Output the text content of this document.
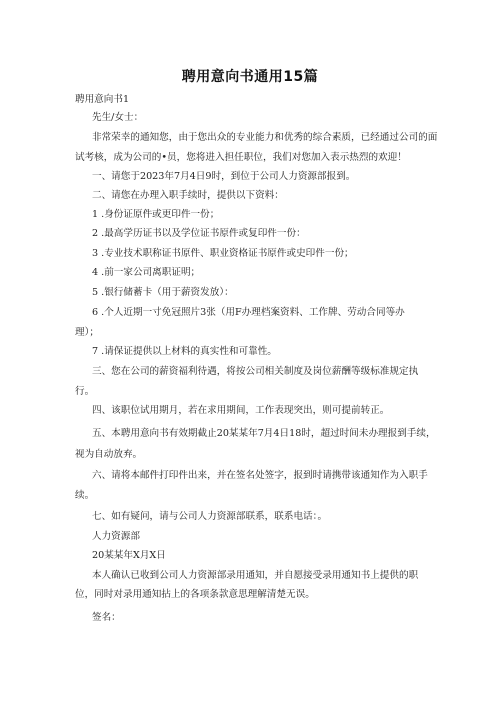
聘用意向书通用15篇
聘用意向书1
先生/女士：
非常荣幸的通知您，由于您出众的专业能力和优秀的综合素质，已经通过公司的面
试考核，成为公司的•员，您将进入担任职位，我们对您加入表示热烈的欢迎！
一、请您于2023年7月4日9时，到位于公司人力资源部报到。
二、请您在办理入职手续时，提供以下资料：
1 .身份证原件或更印件一份；
2 .最高学历证书以及学位证书原件或复印件一份：
3 .专业技术职称证书原件、职业资格证书原件或史印件一份；
4 .前一家公司离职证明；
5 .银行储蓄卡（用于薪资发放）：
6 .个人近期一寸免冠照片3张（用F办理档案资料、工作牌、劳动合同等办
理）；
7 .请保证提供以上材料的真实性和可靠性。
三、您在公司的薪资福利待遇，将按公司相关制度及岗位薪酬等级标准规定执
行。
四、该职位试用期月，若在求用期间，工作表现突出，则可提前转正。
五、本聘用意向书有效期截止20某某年7月4日18时，超过时间未办理报到手续，
视为自动放弃。
六、请将本邮件打印件出来，并在签名处签字，报到时请携带该通知作为入职手
续。
七、如有疑问，请与公司人力资源部联系，联系电话：。
人力资源部
20某某年X月X日
本人确认已收到公司人力资源部录用通知，并自愿接受录用通知书上提供的职
位，同时对录用通知拈上的各项条款意思理解清楚无误。
签名：
